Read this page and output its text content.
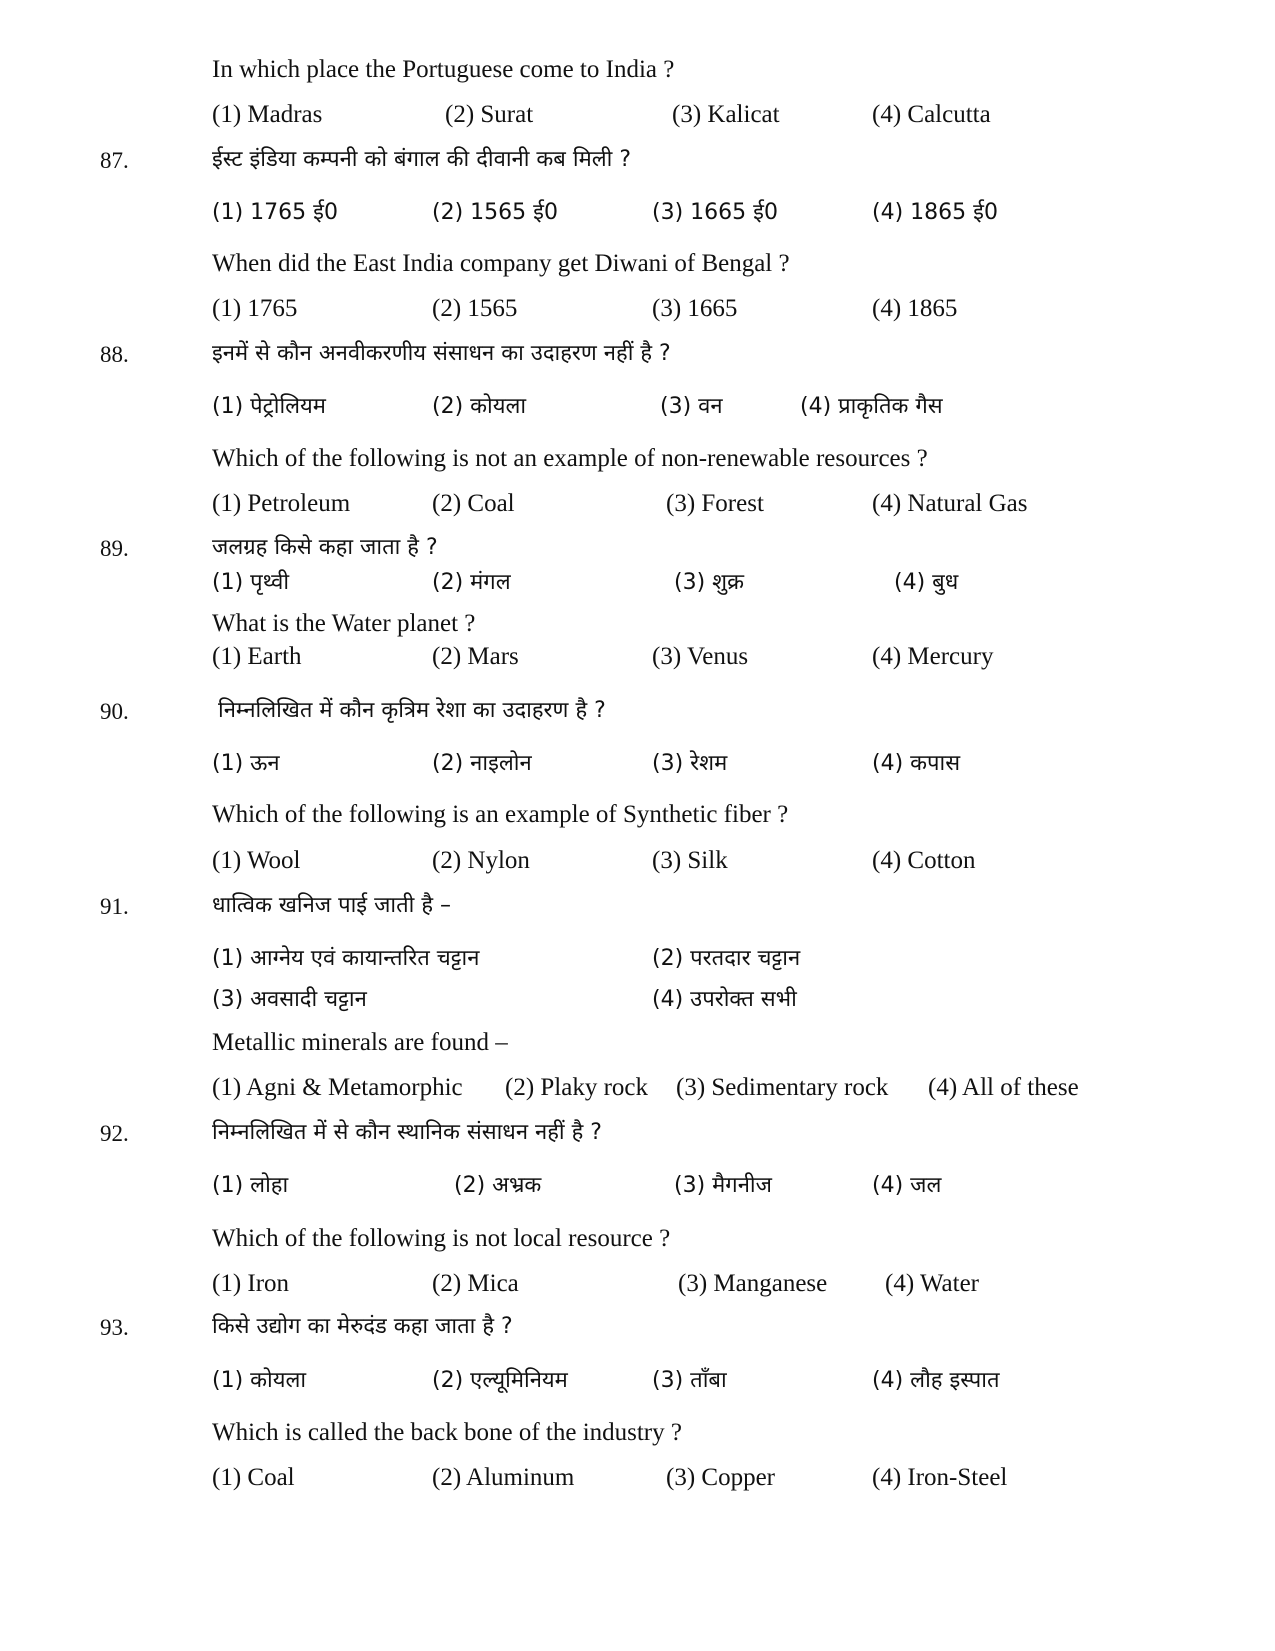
In which place the Portuguese come to India ?
(1) Madras	(2) Surat	(3) Kalicat	(4) Calcutta
87.	ईस्ट इंडिया कम्पनी को बंगाल की दीवानी कब मिली ?
(1) 1765 ई0	(2) 1565 ई0	(3) 1665 ई0	(4) 1865 ई0
When did the East India company get Diwani of Bengal ?
(1) 1765	(2) 1565	(3) 1665	(4) 1865
88.	इनमें से कौन अनवीकरणीय संसाधन का उदाहरण नहीं है ?
(1) पेट्रोलियम	(2) कोयला	(3) वन	(4) प्राकृतिक गैस
Which of the following is not an example of non-renewable resources ?
(1) Petroleum	(2) Coal	(3) Forest	(4) Natural Gas
89.	जलग्रह किसे कहा जाता है ?
(1) पृथ्वी	(2) मंगल	(3) शुक्र	(4) बुध
What is the Water planet ?
(1) Earth	(2) Mars	(3) Venus	(4) Mercury
90.	निम्नलिखित में कौन कृत्रिम रेशा का उदाहरण है ?
(1) ऊन	(2) नाइलोन	(3) रेशम	(4) कपास
Which of the following is an example of Synthetic fiber ?
(1) Wool	(2) Nylon	(3) Silk	(4) Cotton
91.	धात्विक खनिज पाई जाती है –
(1) आग्नेय एवं कायान्तरित चट्टान	(2) परतदार चट्टान
(3) अवसादी चट्टान	(4) उपरोक्त सभी
Metallic minerals are found –
(1) Agni & Metamorphic (2) Plaky rock (3) Sedimentary rock (4) All of these
92.	निम्नलिखित में से कौन स्थानिक संसाधन नहीं है ?
(1) लोहा	(2) अभ्रक	(3) मैगनीज	(4) जल
Which of the following is not local resource ?
(1) Iron	(2) Mica	(3) Manganese (4) Water
93.	किसे उद्योग का मेरुदंड कहा जाता है ?
(1) कोयला	(2) एल्यूमिनियम	(3) ताँबा	(4) लौह इस्पात
Which is called the back bone of the industry ?
(1) Coal	(2) Aluminum	(3) Copper	(4) Iron-Steel
